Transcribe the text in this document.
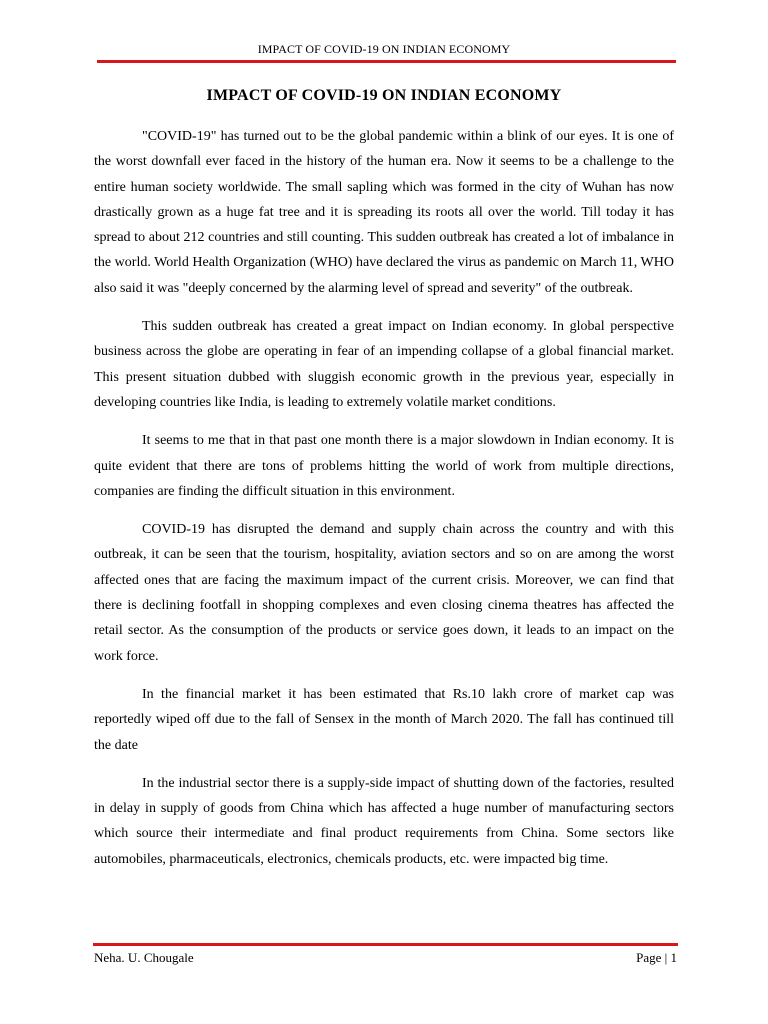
IMPACT OF COVID-19 ON INDIAN ECONOMY
IMPACT OF COVID-19 ON INDIAN ECONOMY

"COVID-19" has turned out to be the global pandemic within a blink of our eyes. It is one of the worst downfall ever faced in the history of the human era. Now it seems to be a challenge to the entire human society worldwide. The small sapling which was formed in the city of Wuhan has now drastically grown as a huge fat tree and it is spreading its roots all over the world. Till today it has spread to about 212 countries and still counting. This sudden outbreak has created a lot of imbalance in the world. World Health Organization (WHO) have declared the virus as pandemic on March 11, WHO also said it was "deeply concerned by the alarming level of spread and severity" of the outbreak.

This sudden outbreak has created a great impact on Indian economy. In global perspective business across the globe are operating in fear of an impending collapse of a global financial market. This present situation dubbed with sluggish economic growth in the previous year, especially in developing countries like India, is leading to extremely volatile market conditions.

It seems to me that in that past one month there is a major slowdown in Indian economy. It is quite evident that there are tons of problems hitting the world of work from multiple directions, companies are finding the difficult situation in this environment.

COVID-19 has disrupted the demand and supply chain across the country and with this outbreak, it can be seen that the tourism, hospitality, aviation sectors and so on are among the worst affected ones that are facing the maximum impact of the current crisis. Moreover, we can find that there is declining footfall in shopping complexes and even closing cinema theatres has affected the retail sector. As the consumption of the products or service goes down, it leads to an impact on the work force.

In the financial market it has been estimated that Rs.10 lakh crore of market cap was reportedly wiped off due to the fall of Sensex in the month of March 2020. The fall has continued till the date

In the industrial sector there is a supply-side impact of shutting down of the factories, resulted in delay in supply of goods from China which has affected a huge number of manufacturing sectors which source their intermediate and final product requirements from China. Some sectors like automobiles, pharmaceuticals, electronics, chemicals products, etc. were impacted big time.

Neha. U. Chougale	Page | 1
